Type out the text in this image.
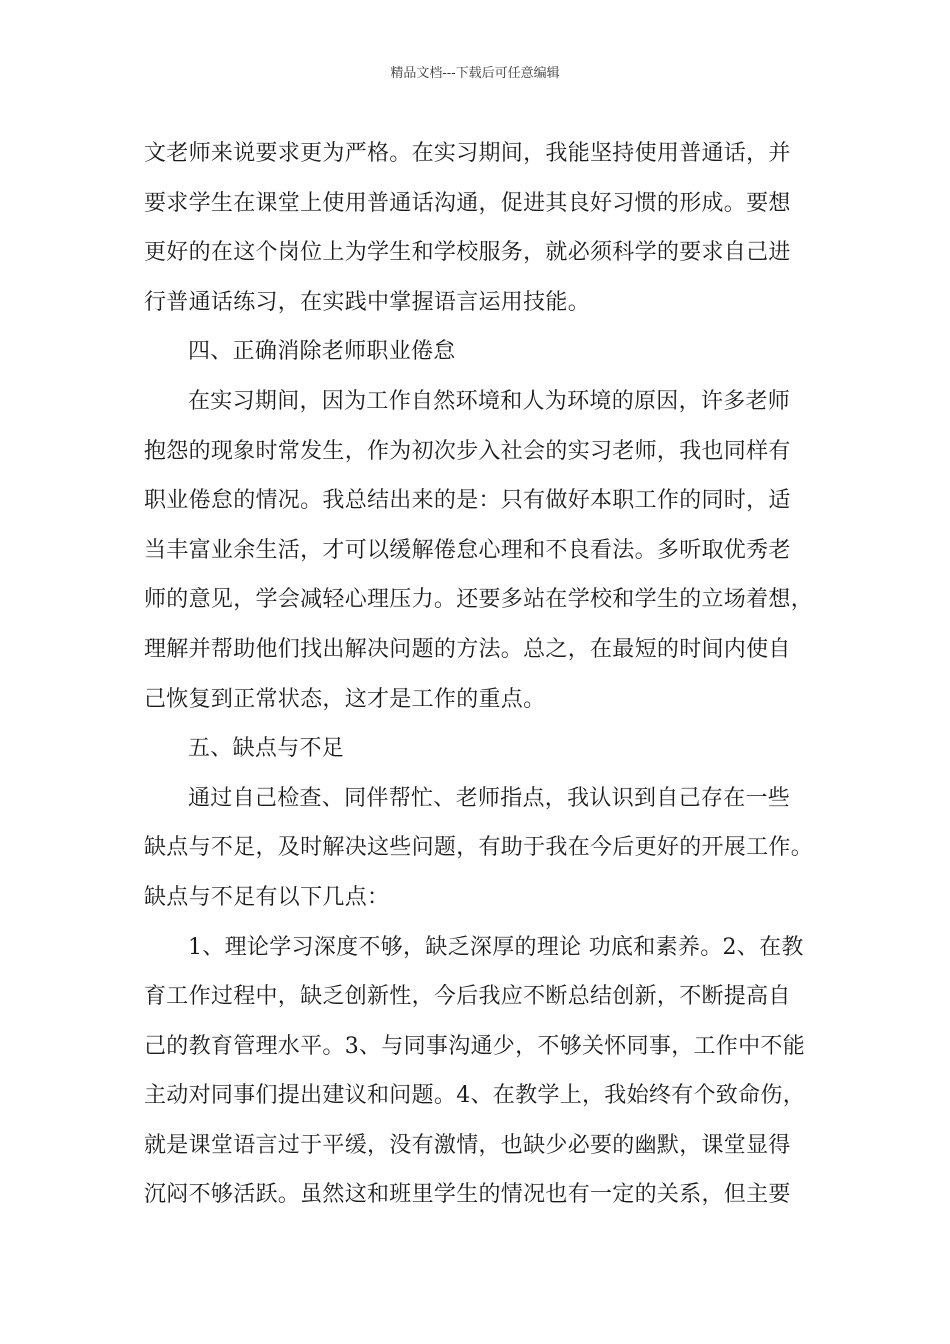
精品文档---下载后可任意编辑
文老师来说要求更为严格。在实习期间，我能坚持使用普通话，并
要求学生在课堂上使用普通话沟通，促进其良好习惯的形成。要想
更好的在这个岗位上为学生和学校服务，就必须科学的要求自己进
行普通话练习，在实践中掌握语言运用技能。
四、正确消除老师职业倦怠
在实习期间，因为工作自然环境和人为环境的原因，许多老师
抱怨的现象时常发生，作为初次步入社会的实习老师，我也同样有
职业倦怠的情况。我总结出来的是：只有做好本职工作的同时，适
当丰富业余生活，才可以缓解倦怠心理和不良看法。多听取优秀老
师的意见，学会减轻心理压力。还要多站在学校和学生的立场着想，
理解并帮助他们找出解决问题的方法。总之，在最短的时间内使自
己恢复到正常状态，这才是工作的重点。
五、缺点与不足
通过自己检查、同伴帮忙、老师指点，我认识到自己存在一些
缺点与不足，及时解决这些问题，有助于我在今后更好的开展工作。
缺点与不足有以下几点：
1、理论学习深度不够，缺乏深厚的理论 功底和素养。2、在教
育工作过程中，缺乏创新性，今后我应不断总结创新，不断提高自
己的教育管理水平。3、与同事沟通少，不够关怀同事，工作中不能
主动对同事们提出建议和问题。4、在教学上，我始终有个致命伤，
就是课堂语言过于平缓，没有激情，也缺少必要的幽默，课堂显得
沉闷不够活跃。虽然这和班里学生的情况也有一定的关系，但主要
